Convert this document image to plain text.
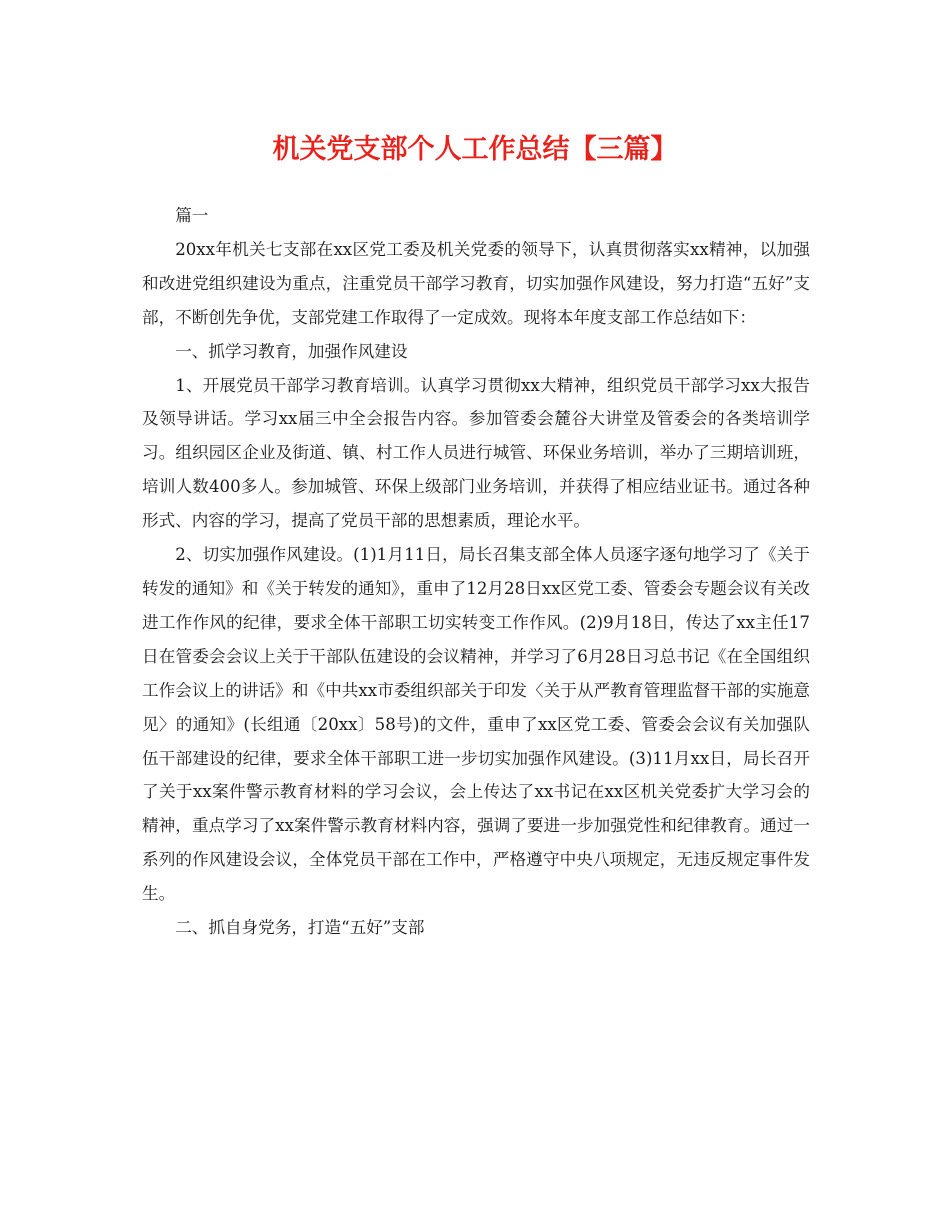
机关党支部个人工作总结【三篇】

篇一

20xx年机关七支部在xx区党工委及机关党委的领导下，认真贯彻落实xx精神，以加强和改进党组织建设为重点，注重党员干部学习教育，切实加强作风建设，努力打造“五好”支部，不断创先争优，支部党建工作取得了一定成效。现将本年度支部工作总结如下：

一、抓学习教育，加强作风建设

1、开展党员干部学习教育培训。认真学习贯彻xx大精神，组织党员干部学习xx大报告及领导讲话。学习xx届三中全会报告内容。参加管委会麓谷大讲堂及管委会的各类培训学习。组织园区企业及街道、镇、村工作人员进行城管、环保业务培训，举办了三期培训班，培训人数400多人。参加城管、环保上级部门业务培训，并获得了相应结业证书。通过各种形式、内容的学习，提高了党员干部的思想素质，理论水平。

2、切实加强作风建设。(1)1月11日，局长召集支部全体人员逐字逐句地学习了《关于转发的通知》和《关于转发的通知》，重申了12月28日xx区党工委、管委会专题会议有关改进工作作风的纪律，要求全体干部职工切实转变工作作风。(2)9月18日，传达了xx主任17日在管委会会议上关于干部队伍建设的会议精神，并学习了6月28日习总书记《在全国组织工作会议上的讲话》和《中共xx市委组织部关于印发〈关于从严教育管理监督干部的实施意见〉的通知》(长组通〔20xx〕58号)的文件，重申了xx区党工委、管委会会议有关加强队伍干部建设的纪律，要求全体干部职工进一步切实加强作风建设。(3)11月xx日，局长召开了关于xx案件警示教育材料的学习会议，会上传达了xx书记在xx区机关党委扩大学习会的精神，重点学习了xx案件警示教育材料内容，强调了要进一步加强党性和纪律教育。通过一系列的作风建设会议，全体党员干部在工作中，严格遵守中央八项规定，无违反规定事件发生。

二、抓自身党务，打造“五好”支部
